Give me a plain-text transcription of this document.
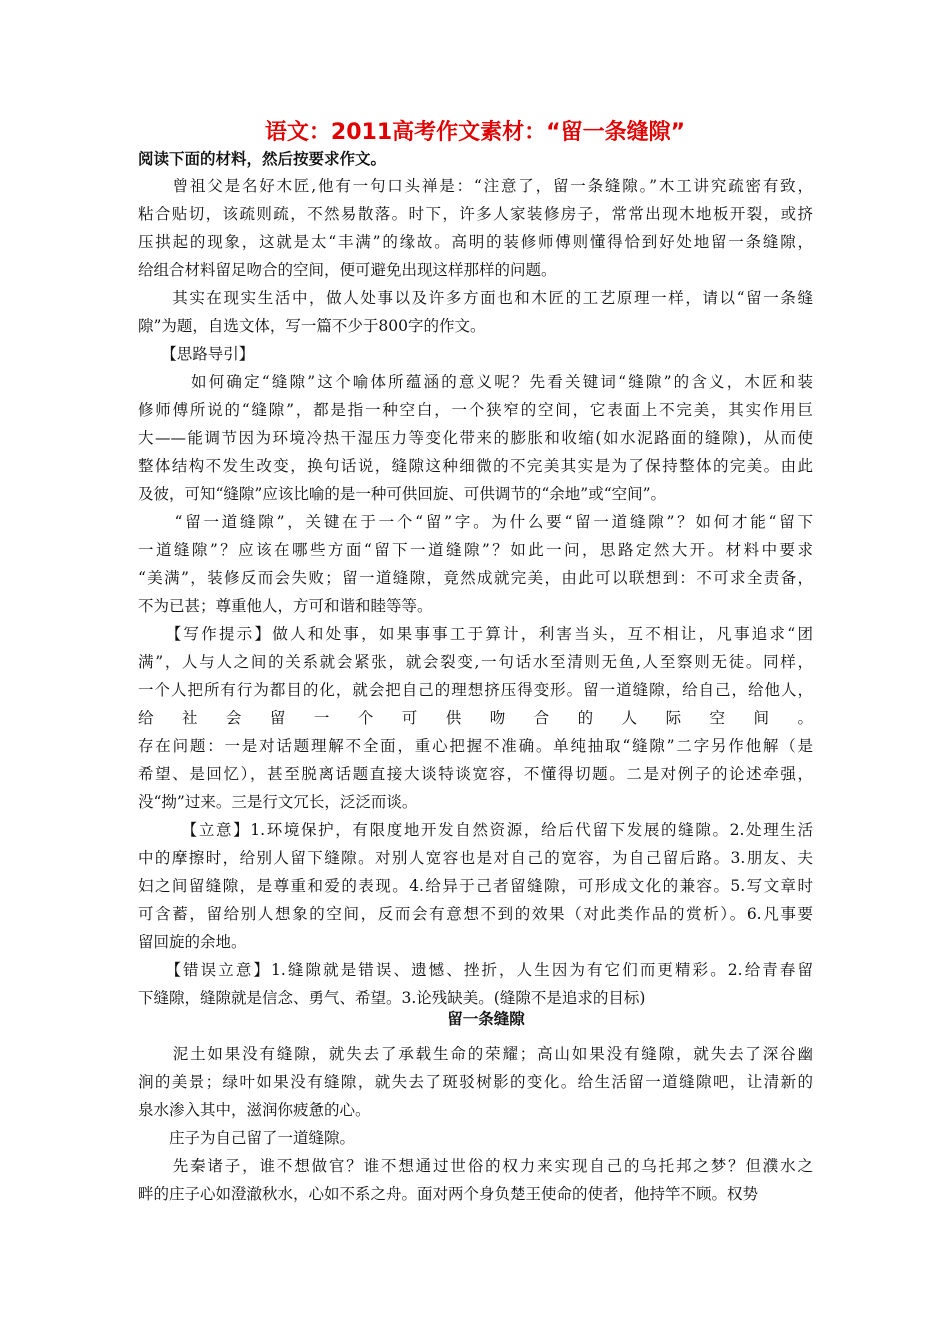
语文：2011高考作文素材：“留一条缝隙”
阅读下面的材料，然后按要求作文。
　　曾祖父是名好木匠,他有一句口头禅是：“注意了，留一条缝隙。”木工讲究疏密有致，
粘合贴切，该疏则疏，不然易散落。时下，许多人家装修房子，常常出现木地板开裂，或挤
压拱起的现象，这就是太“丰满”的缘故。高明的装修师傅则懂得恰到好处地留一条缝隙，
给组合材料留足吻合的空间，便可避免出现这样那样的问题。
　　其实在现实生活中，做人处事以及许多方面也和木匠的工艺原理一样，请以“留一条缝
隙”为题，自选文体，写一篇不少于800字的作文。
　　【思路导引】
　　　如何确定“缝隙”这个喻体所蕴涵的意义呢？先看关键词“缝隙”的含义，木匠和装
修师傅所说的“缝隙”，都是指一种空白，一个狭窄的空间，它表面上不完美，其实作用巨
大——能调节因为环境冷热干湿压力等变化带来的膨胀和收缩(如水泥路面的缝隙)，从而使
整体结构不发生改变，换句话说，缝隙这种细微的不完美其实是为了保持整体的完美。由此
及彼，可知“缝隙”应该比喻的是一种可供回旋、可供调节的“余地”或“空间”。
　　“留一道缝隙”，关键在于一个“留”字。为什么要“留一道缝隙”？如何才能“留下
一道缝隙”？应该在哪些方面“留下一道缝隙”？如此一问，思路定然大开。材料中要求
“美满”，装修反而会失败；留一道缝隙，竟然成就完美，由此可以联想到：不可求全责备，
不为已甚；尊重他人，方可和谐和睦等等。
　　【写作提示】做人和处事，如果事事工于算计，利害当头，互不相让，凡事追求“团
满”，人与人之间的关系就会紧张，就会裂变,一句话水至清则无鱼,人至察则无徒。同样，
一个人把所有行为都目的化，就会把自己的理想挤压得变形。留一道缝隙，给自己，给他人，
给社会留一个可供吻合的人际空间。
存在问题：一是对话题理解不全面，重心把握不准确。单纯抽取“缝隙”二字另作他解（是
希望、是回忆），甚至脱离话题直接大谈特谈宽容，不懂得切题。二是对例子的论述牵强，
没“拗”过来。三是行文冗长，泛泛而谈。
　　　【立意】1.环境保护，有限度地开发自然资源，给后代留下发展的缝隙。2.处理生活
中的摩擦时，给别人留下缝隙。对别人宽容也是对自己的宽容，为自己留后路。3.朋友、夫
妇之间留缝隙，是尊重和爱的表现。4.给异于己者留缝隙，可形成文化的兼容。5.写文章时
可含蓄，留给别人想象的空间，反而会有意想不到的效果（对此类作品的赏析）。6.凡事要
留回旋的余地。
　　【错误立意】1.缝隙就是错误、遗憾、挫折，人生因为有它们而更精彩。2.给青春留
下缝隙，缝隙就是信念、勇气、希望。3.论残缺美。(缝隙不是追求的目标)
　　泥土如果没有缝隙，就失去了承载生命的荣耀；高山如果没有缝隙，就失去了深谷幽
涧的美景；绿叶如果没有缝隙，就失去了斑驳树影的变化。给生活留一道缝隙吧，让清新的
泉水渗入其中，滋润你疲惫的心。
　　庄子为自己留了一道缝隙。
　　先秦诸子，谁不想做官？谁不想通过世俗的权力来实现自己的乌托邦之梦？但濮水之
畔的庄子心如澄澈秋水，心如不系之舟。面对两个身负楚王使命的使者，他持竿不顾。权势
留一条缝隙
